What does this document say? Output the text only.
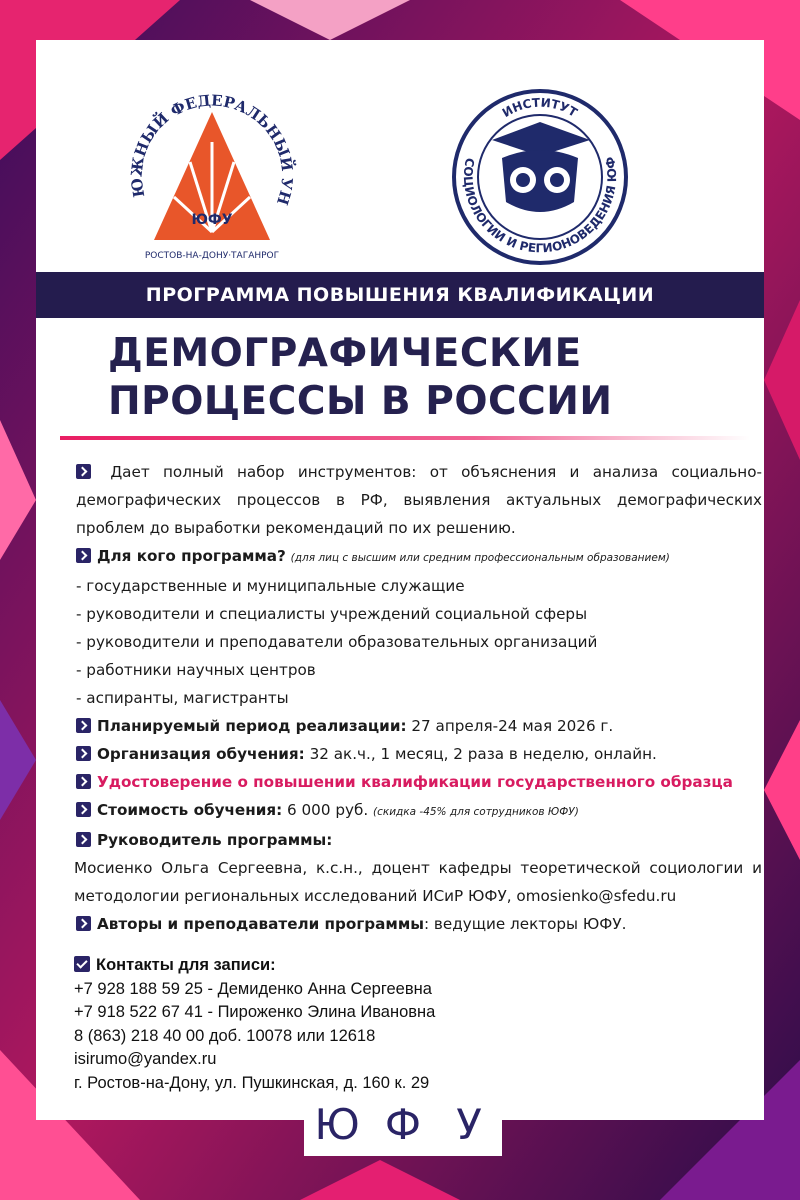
ЮЖНЫЙ ФЕДЕРАЛЬНЫЙ УН
ЮФУ
РОСТОВ-НА-ДОНУ·ТАГАНРОГ
ИНСТИТУТ
СОЦИОЛОГИИ И РЕГИОНОВЕДЕНИЯ ЮФ
ПРОГРАММА ПОВЫШЕНИЯ КВАЛИФИКАЦИИ
ДЕМОГРАФИЧЕСКИЕ
ПРОЦЕССЫ В РОССИИ

Дает полный набор инструментов: от объяснения и анализа социально-демографических процессов в РФ, выявления актуальных демографических проблем до выработки рекомендаций по их решению.

Для кого программа? (для лиц с высшим или средним профессиональным образованием)

- государственные и муниципальные служащие

- руководители и специалисты учреждений социальной сферы

- руководители и преподаватели образовательных организаций

- работники научных центров

- аспиранты, магистранты

Планируемый период реализации: 27 апреля-24 мая 2026 г.

Организация обучения: 32 ак.ч., 1 месяц, 2 раза в неделю, онлайн.

Удостоверение о повышении квалификации государственного образца

Стоимость обучения: 6 000 руб. (скидка -45% для сотрудников ЮФУ)

Руководитель программы:

Мосиенко Ольга Сергеевна, к.с.н., доцент кафедры теоретической социологии и методологии региональных исследований ИСиР ЮФУ, omosienko@sfedu.ru

Авторы и преподаватели программы: ведущие лекторы ЮФУ.

Контакты для записи:
+7 928 188 59 25 - Демиденко Анна Сергеевна
+7 918 522 67 41 - Пироженко Элина Ивановна
8 (863) 218 40 00 доб. 10078 или 12618
isirumo@yandex.ru
г. Ростов-на-Дону, ул. Пушкинская, д. 160 к. 29
Ю Ф У
